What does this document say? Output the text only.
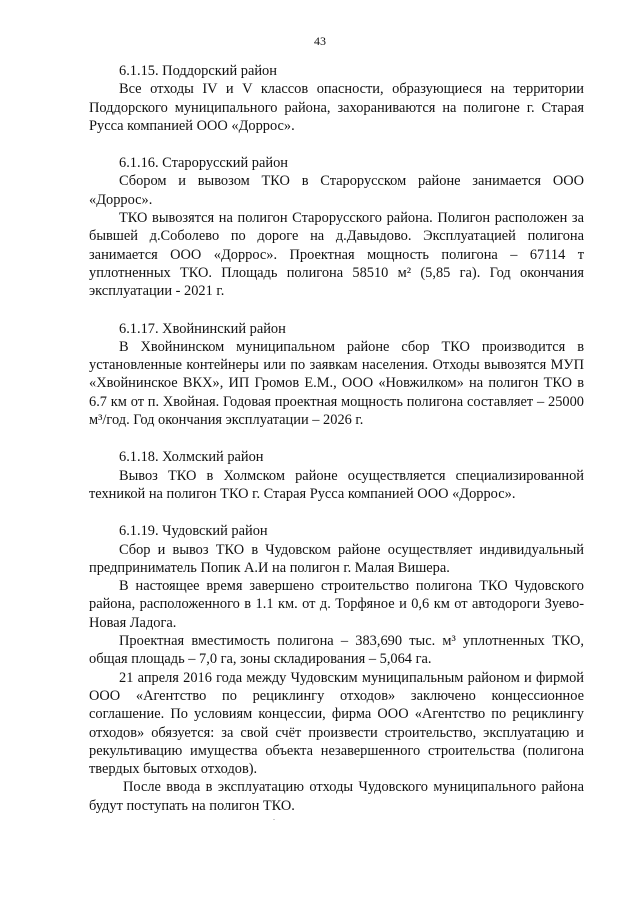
43

6.1.15. Поддорский район

Все отходы IV и V классов опасности, образующиеся на территории Поддорского муниципального района, захораниваются на полигоне г. Старая Русса компанией ООО «Доррос».

6.1.16. Старорусский район

Сбором и вывозом ТКО в Старорусском районе занимается ООО «Доррос».

ТКО вывозятся на полигон Старорусского района. Полигон расположен за бывшей д.Соболево по дороге на д.Давыдово. Эксплуатацией полигона занимается ООО «Доррос». Проектная мощность полигона – 67114 т уплотненных ТКО. Площадь полигона 58510 м² (5,85 га). Год окончания эксплуатации - 2021 г.

6.1.17. Хвойнинский район

В Хвойнинском муниципальном районе сбор ТКО производится в установленные контейнеры или по заявкам населения. Отходы вывозятся МУП «Хвойнинское ВКХ», ИП Громов Е.М., ООО «Новжилком» на полигон ТКО в 6.7 км от п. Хвойная. Годовая проектная мощность полигона составляет – 25000 м³/год. Год окончания эксплуатации – 2026 г.

6.1.18. Холмский район

Вывоз ТКО в Холмском районе осуществляется специализированной техникой на полигон ТКО г. Старая Русса компанией ООО «Доррос».

6.1.19. Чудовский район

Сбор и вывоз ТКО в Чудовском районе осуществляет индивидуальный предприниматель Попик А.И на полигон г. Малая Вишера.

В настоящее время завершено строительство полигона ТКО Чудовского района, расположенного в 1.1 км. от д. Торфяное и 0,6 км от автодороги Зуево-Новая Ладога.

Проектная вместимость полигона – 383,690 тыс. м³ уплотненных ТКО, общая площадь – 7,0 га, зоны складирования – 5,064 га.

21 апреля 2016 года между Чудовским муниципальным районом и фирмой ООО «Агентство по рециклингу отходов» заключено концессионное соглашение. По условиям концессии, фирма ООО «Агентство по рециклингу отходов» обязуется: за свой счёт произвести строительство, эксплуатацию и рекультивацию имущества объекта незавершенного строительства (полигона твердых бытовых отходов).

После ввода в эксплуатацию отходы Чудовского муниципального района будут поступать на полигон ТКО.
